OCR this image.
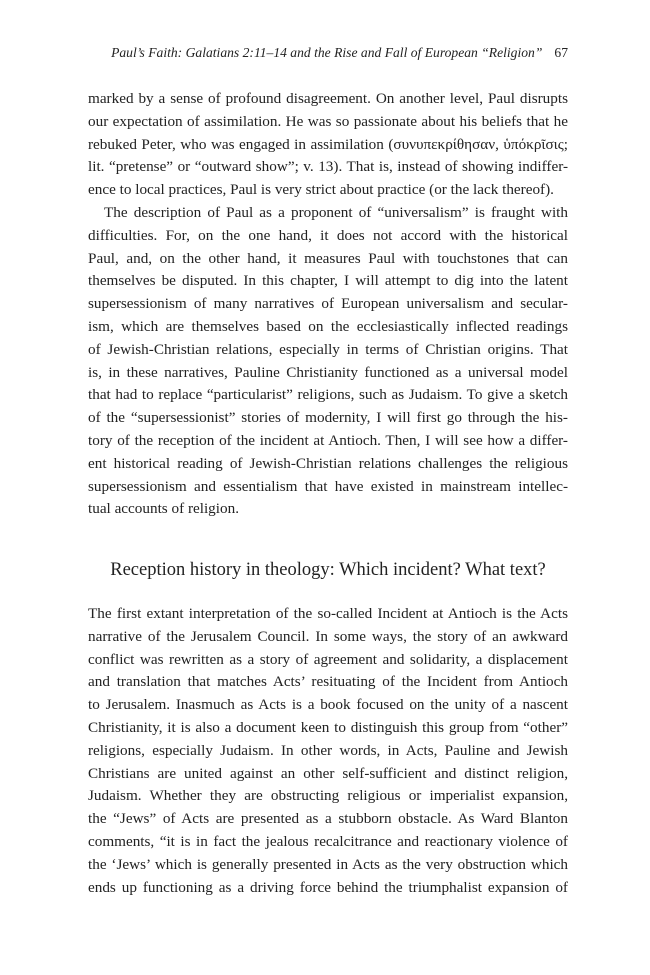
Paul’s Faith: Galatians 2:11–14 and the Rise and Fall of European “Religion” 67
marked by a sense of profound disagreement. On another level, Paul disrupts
our expectation of assimilation. He was so passionate about his beliefs that he
rebuked Peter, who was engaged in assimilation (συνυπεκρίθησαν, ὑπόκρῖσις;
lit. “pretense” or “outward show”; v. 13). That is, instead of showing indiffer-
ence to local practices, Paul is very strict about practice (or the lack thereof).
The description of Paul as a proponent of “universalism” is fraught with
difficulties. For, on the one hand, it does not accord with the historical
Paul, and, on the other hand, it measures Paul with touchstones that can
themselves be disputed. In this chapter, I will attempt to dig into the latent
supersessionism of many narratives of European universalism and secular-
ism, which are themselves based on the ecclesiastically inflected readings
of Jewish-Christian relations, especially in terms of Christian origins. That
is, in these narratives, Pauline Christianity functioned as a universal model
that had to replace “particularist” religions, such as Judaism. To give a sketch
of the “supersessionist” stories of modernity, I will first go through the his-
tory of the reception of the incident at Antioch. Then, I will see how a differ-
ent historical reading of Jewish-Christian relations challenges the religious
supersessionism and essentialism that have existed in mainstream intellec-
tual accounts of religion.
Reception history in theology: Which incident? What text?
The first extant interpretation of the so-called Incident at Antioch is the Acts
narrative of the Jerusalem Council. In some ways, the story of an awkward
conflict was rewritten as a story of agreement and solidarity, a displacement
and translation that matches Acts’ resituating of the Incident from Antioch
to Jerusalem. Inasmuch as Acts is a book focused on the unity of a nascent
Christianity, it is also a document keen to distinguish this group from “other”
religions, especially Judaism. In other words, in Acts, Pauline and Jewish
Christians are united against an other self-sufficient and distinct religion,
Judaism. Whether they are obstructing religious or imperialist expansion,
the “Jews” of Acts are presented as a stubborn obstacle. As Ward Blanton
comments, “it is in fact the jealous recalcitrance and reactionary violence of
the ‘Jews’ which is generally presented in Acts as the very obstruction which
ends up functioning as a driving force behind the triumphalist expansion of
